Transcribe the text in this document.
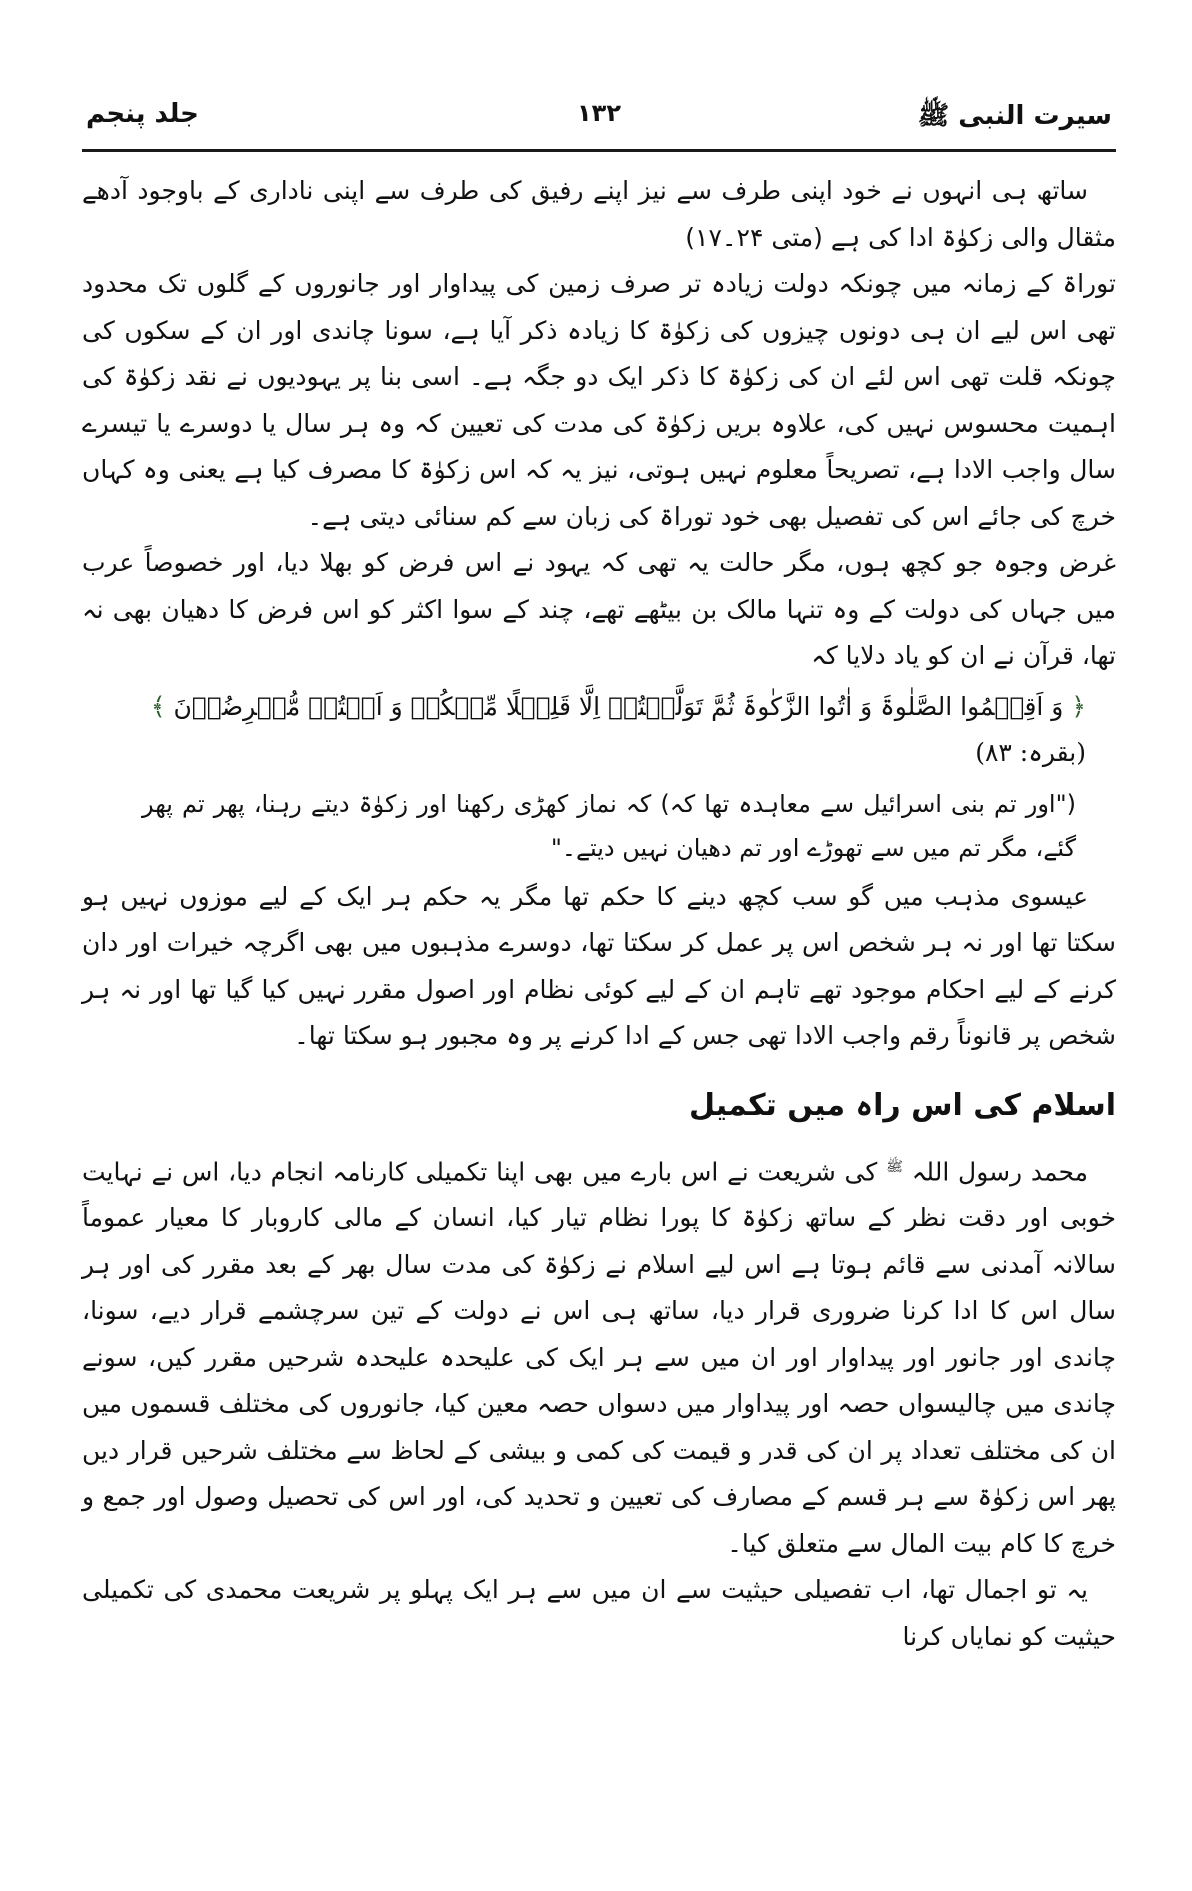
سیرت النبی ﷺ
۱۳۲
جلد پنجم

ساتھ ہی انہوں نے خود اپنی طرف سے نیز اپنے رفیق کی طرف سے اپنی ناداری کے باوجود آدھے مثقال والی زکوٰۃ ادا کی ہے (متی ۲۴۔۱۷)

توراۃ کے زمانہ میں چونکہ دولت زیادہ تر صرف زمین کی پیداوار اور جانوروں کے گلوں تک محدود تھی اس لیے ان ہی دونوں چیزوں کی زکوٰۃ کا زیادہ ذکر آیا ہے، سونا چاندی اور ان کے سکوں کی چونکہ قلت تھی اس لئے ان کی زکوٰۃ کا ذکر ایک دو جگہ ہے۔ اسی بنا پر یہودیوں نے نقد زکوٰۃ کی اہمیت محسوس نہیں کی، علاوہ بریں زکوٰۃ کی مدت کی تعیین کہ وہ ہر سال یا دوسرے یا تیسرے سال واجب الادا ہے، تصریحاً معلوم نہیں ہوتی، نیز یہ کہ اس زکوٰۃ کا مصرف کیا ہے یعنی وہ کہاں خرچ کی جائے اس کی تفصیل بھی خود توراۃ کی زبان سے کم سنائی دیتی ہے۔

غرض وجوہ جو کچھ ہوں، مگر حالت یہ تھی کہ یہود نے اس فرض کو بھلا دیا، اور خصوصاً عرب میں جہاں کی دولت کے وہ تنہا مالک بن بیٹھے تھے، چند کے سوا اکثر کو اس فرض کا دھیان بھی نہ تھا، قرآن نے ان کو یاد دلایا کہ

﴿ وَ اَقِیۡمُوا الصَّلٰوۃَ وَ اٰتُوا الزَّکٰوۃَ ثُمَّ تَوَلَّیۡتُمۡ اِلَّا قَلِیۡلًا مِّنۡکُمۡ وَ اَنۡتُمۡ مُّعۡرِضُوۡنَ ﴾ (بقرہ: ۸۳)

("اور تم بنی اسرائیل سے معاہدہ تھا کہ) کہ نماز کھڑی رکھنا اور زکوٰۃ دیتے رہنا، پھر تم پھر گئے، مگر تم میں سے تھوڑے اور تم دھیان نہیں دیتے۔"

عیسوی مذہب میں گو سب کچھ دینے کا حکم تھا مگر یہ حکم ہر ایک کے لیے موزوں نہیں ہو سکتا تھا اور نہ ہر شخص اس پر عمل کر سکتا تھا، دوسرے مذہبوں میں بھی اگرچہ خیرات اور دان کرنے کے لیے احکام موجود تھے تاہم ان کے لیے کوئی نظام اور اصول مقرر نہیں کیا گیا تھا اور نہ ہر شخص پر قانوناً رقم واجب الادا تھی جس کے ادا کرنے پر وہ مجبور ہو سکتا تھا۔

اسلام کی اس راہ میں تکمیل

محمد رسول اللہ $^ﷺ$ کی شریعت نے اس بارے میں بھی اپنا تکمیلی کارنامہ انجام دیا، اس نے نہایت خوبی اور دقت نظر کے ساتھ زکوٰۃ کا پورا نظام تیار کیا، انسان کے مالی کاروبار کا معیار عموماً سالانہ آمدنی سے قائم ہوتا ہے اس لیے اسلام نے زکوٰۃ کی مدت سال بھر کے بعد مقرر کی اور ہر سال اس کا ادا کرنا ضروری قرار دیا، ساتھ ہی اس نے دولت کے تین سرچشمے قرار دیے، سونا، چاندی اور جانور اور پیداوار اور ان میں سے ہر ایک کی علیحدہ علیحدہ شرحیں مقرر کیں، سونے چاندی میں چالیسواں حصہ اور پیداوار میں دسواں حصہ معین کیا، جانوروں کی مختلف قسموں میں ان کی مختلف تعداد پر ان کی قدر و قیمت کی کمی و بیشی کے لحاظ سے مختلف شرحیں قرار دیں پھر اس زکوٰۃ سے ہر قسم کے مصارف کی تعیین و تحدید کی، اور اس کی تحصیل وصول اور جمع و خرچ کا کام بیت المال سے متعلق کیا۔

یہ تو اجمال تھا، اب تفصیلی حیثیت سے ان میں سے ہر ایک پہلو پر شریعت محمدی کی تکمیلی حیثیت کو نمایاں کرنا
